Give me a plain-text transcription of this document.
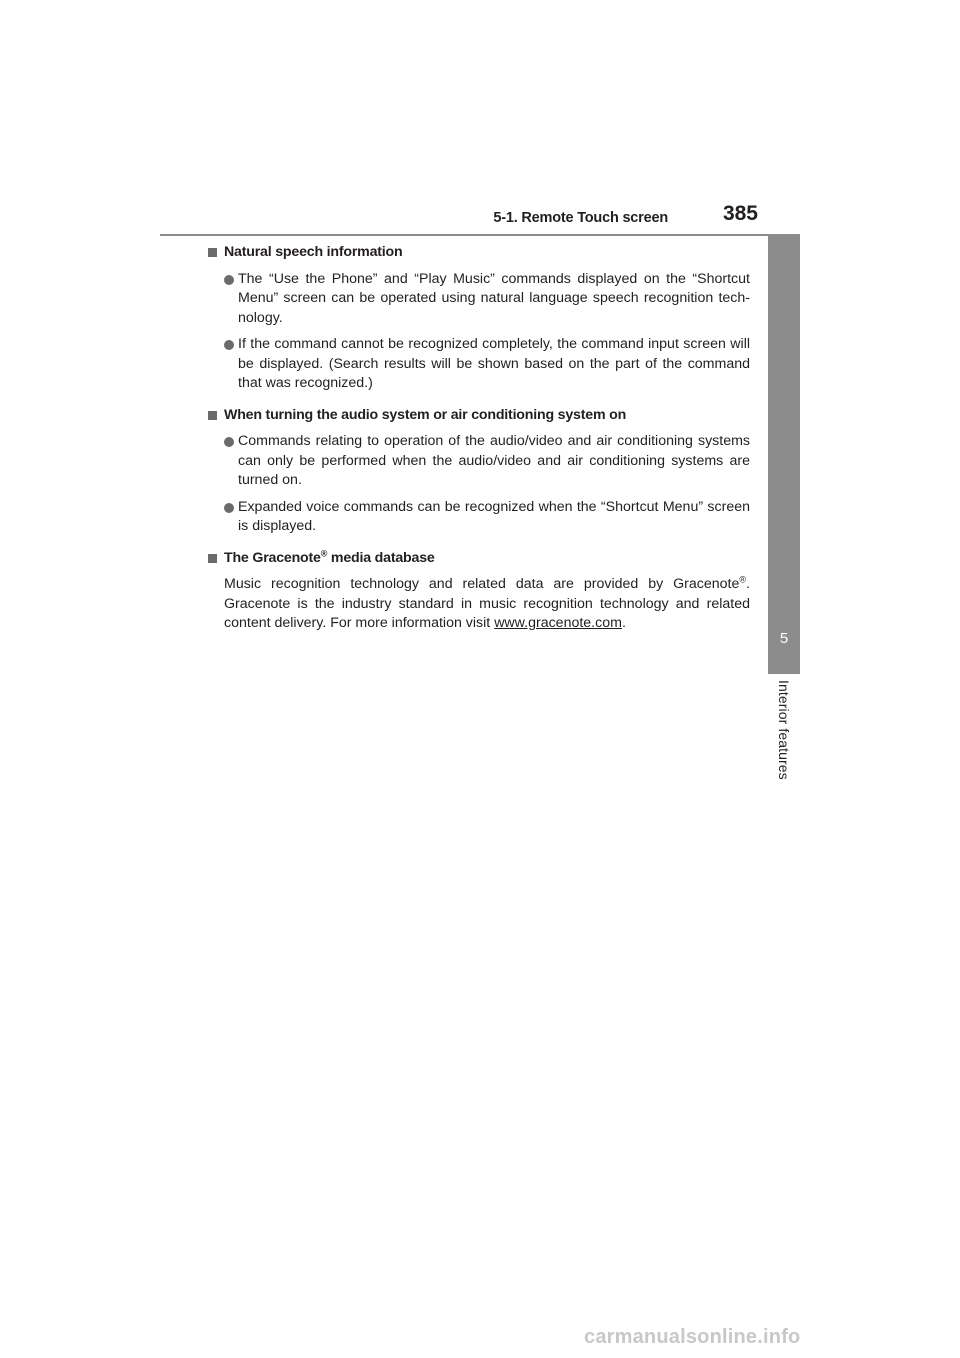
5-1. Remote Touch screen	385
5
Interior features
Natural speech information
The “Use the Phone” and “Play Music” commands displayed on the “Shortcut Menu” screen can be operated using natural language speech recognition tech-nology.
If the command cannot be recognized completely, the command input screen will be displayed. (Search results will be shown based on the part of the command that was recognized.)
When turning the audio system or air conditioning system on
Commands relating to operation of the audio/video and air conditioning systems can only be performed when the audio/video and air conditioning systems are turned on.
Expanded voice commands can be recognized when the “Shortcut Menu” screen is displayed.
The Gracenote® media database
Music recognition technology and related data are provided by Gracenote®. Gracenote is the industry standard in music recognition technology and related content delivery. For more information visit www.gracenote.com.
carmanualsonline.info
